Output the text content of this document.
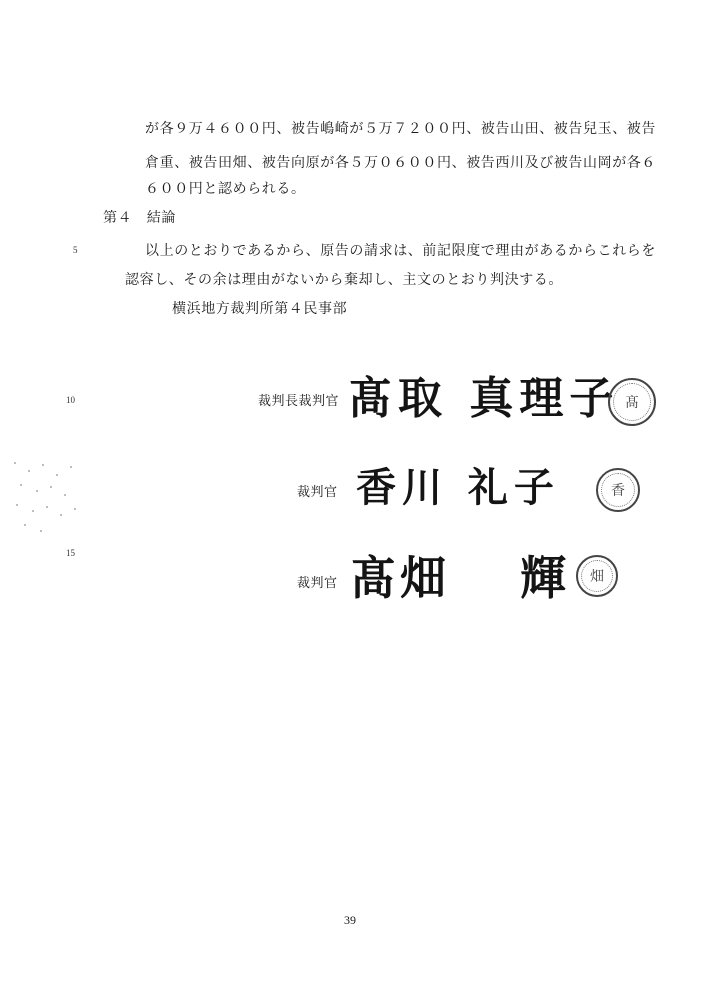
が各９万４６００円、被告嶋崎が５万７２００円、被告山田、被告兒玉、被告
倉重、被告田畑、被告向原が各５万０６００円、被告西川及び被告山岡が各６
６００円と認められる。
第４　結論
5	以上のとおりであるから、原告の請求は、前記限度で理由があるからこれらを
認容し、その余は理由がないから棄却し、主文のとおり判決する。
横浜地方裁判所第４民事部
10	裁判長裁判官 髙取 真理子 髙
裁判官 香川 礼子	香
15
裁判官 髙畑　 輝	畑
39
